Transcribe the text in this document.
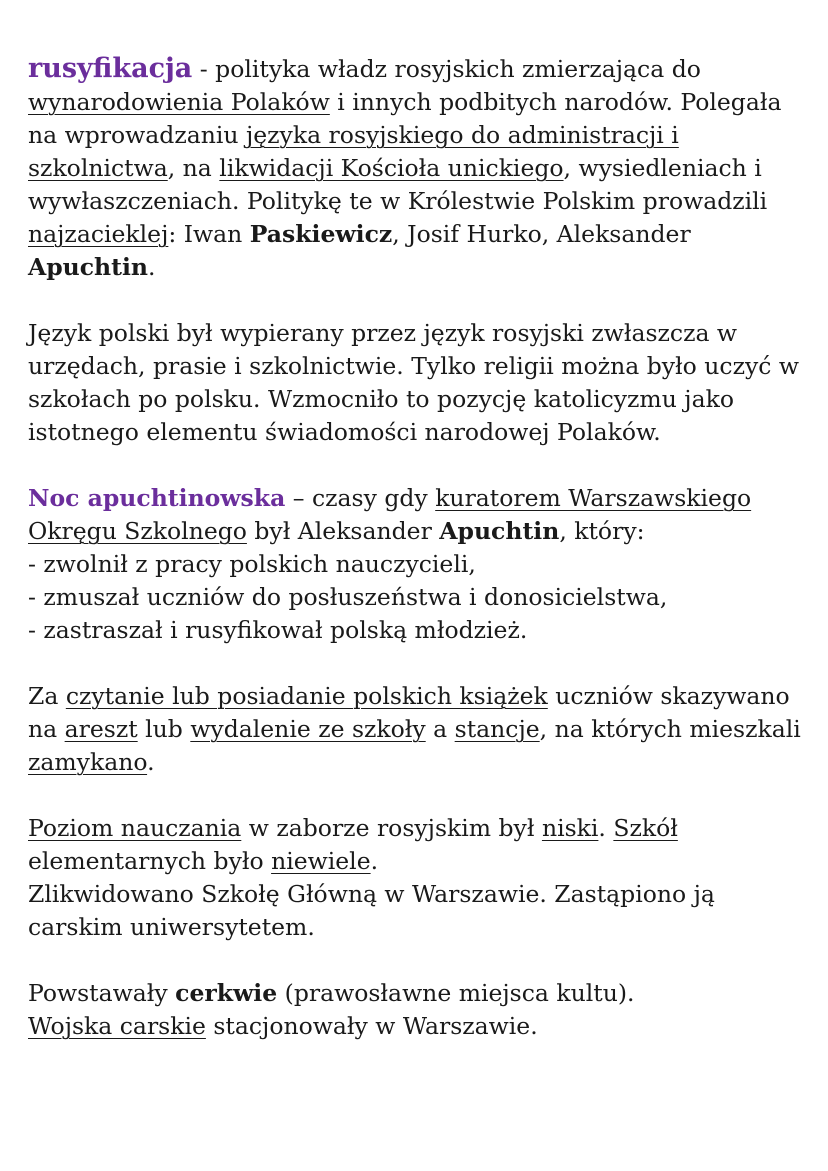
rusyfikacja - polityka władz rosyjskich zmierzająca do wynarodowienia Polaków i innych podbitych narodów. Polegała na wprowadzaniu języka rosyjskiego do administracji i szkolnictwa, na likwidacji Kościoła unickiego, wysiedleniach i wywłaszczeniach. Politykę te w Królestwie Polskim prowadzili najzacieklej: Iwan Paskiewicz, Josif Hurko, Aleksander Apuchtin.

Język polski był wypierany przez język rosyjski zwłaszcza w urzędach, prasie i szkolnictwie. Tylko religii można było uczyć w szkołach po polsku. Wzmocniło to pozycję katolicyzmu jako istotnego elementu świadomości narodowej Polaków.

Noc apuchtinowska – czasy gdy kuratorem Warszawskiego Okręgu Szkolnego był Aleksander Apuchtin, który:
- zwolnił z pracy polskich nauczycieli,
- zmuszał uczniów do posłuszeństwa i donosicielstwa,
- zastraszał i rusyfikował polską młodzież.

Za czytanie lub posiadanie polskich książek uczniów skazywano na areszt lub wydalenie ze szkoły a stancje, na których mieszkali zamykano.

Poziom nauczania w zaborze rosyjskim był niski. Szkół elementarnych było niewiele.
Zlikwidowano Szkołę Główną w Warszawie. Zastąpiono ją carskim uniwersytetem.

Powstawały cerkwie (prawosławne miejsca kultu).
Wojska carskie stacjonowały w Warszawie.
